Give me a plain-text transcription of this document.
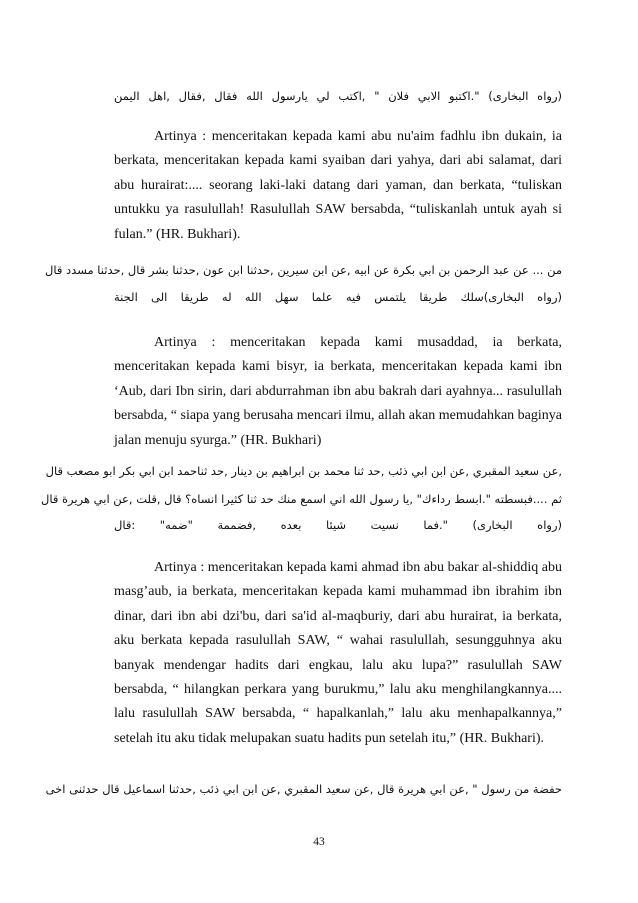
(رواه البخارى) ".اكتبو الابي فلان " ,اكتب لي يارسول الله فقال ,فقال ,اهل اليمن

Artinya : menceritakan kepada kami abu nu'aim fadhlu ibn dukain, ia berkata, menceritakan kepada kami syaiban dari yahya, dari abi salamat, dari abu hurairat:.... seorang laki-laki datang dari yaman, dan berkata, “tuliskan untukku ya rasulullah! Rasulullah SAW bersabda, “tuliskanlah untuk ayah si fulan.” (HR. Bukhari).

من ... عن عبد الرحمن بن ابي بكرة عن ابيه ,عن ابن سيرين ,حدثنا ابن عون ,حدثنا بشر قال ,حدثنا مسدد قال
(رواه البخارى)سلك طريقا يلتمس فيه علما سهل الله له طريقا الى الجنة

Artinya : menceritakan kepada kami musaddad, ia berkata, menceritakan kepada kami bisyr, ia berkata, menceritakan kepada kami ibn ‘Aub, dari Ibn sirin, dari abdurrahman ibn abu bakrah dari ayahnya... rasulullah bersabda, “ siapa yang berusaha mencari ilmu, allah akan memudahkan baginya jalan menuju syurga.” (HR. Bukhari)

,عن سعيد المقبري ,عن ابن ابي ذئب ,حد ثنا محمد بن ابراهيم بن دينار ,حد ثناحمد ابن ابي بكر ابو مصعب قال
ثم ....فبسطته ".ابسط رداءك" ,يا رسول الله اني اسمع منك حد ثنا كثيرا انساه؟ قال ,قلت ,عن ابي هريرة قال
(رواه البخارى) ".فما نسيت شيئا بعده ,فضممة "ضمه" :قال

Artinya : menceritakan kepada kami ahmad ibn abu bakar al-shiddiq abu masg’aub, ia berkata, menceritakan kepada kami muhammad ibn ibrahim ibn dinar, dari ibn abi dzi'bu, dari sa'id al-maqburiy, dari abu hurairat, ia berkata, aku berkata kepada rasulullah SAW, “ wahai rasulullah, sesungguhnya aku banyak mendengar hadits dari engkau, lalu aku lupa?” rasulullah SAW bersabda, “ hilangkan perkara yang burukmu,” lalu aku menghilangkannya.... lalu rasulullah SAW bersabda, “ hapalkanlah,” lalu aku menhapalkannya,” setelah itu aku tidak melupakan suatu hadits pun setelah itu,” (HR. Bukhari).

حفضة من رسول " ,عن ابي هريرة قال ,عن سعيد المقبري ,عن ابن ابي ذئب ,حدثنا اسماعيل قال حدثنى اخى
43
